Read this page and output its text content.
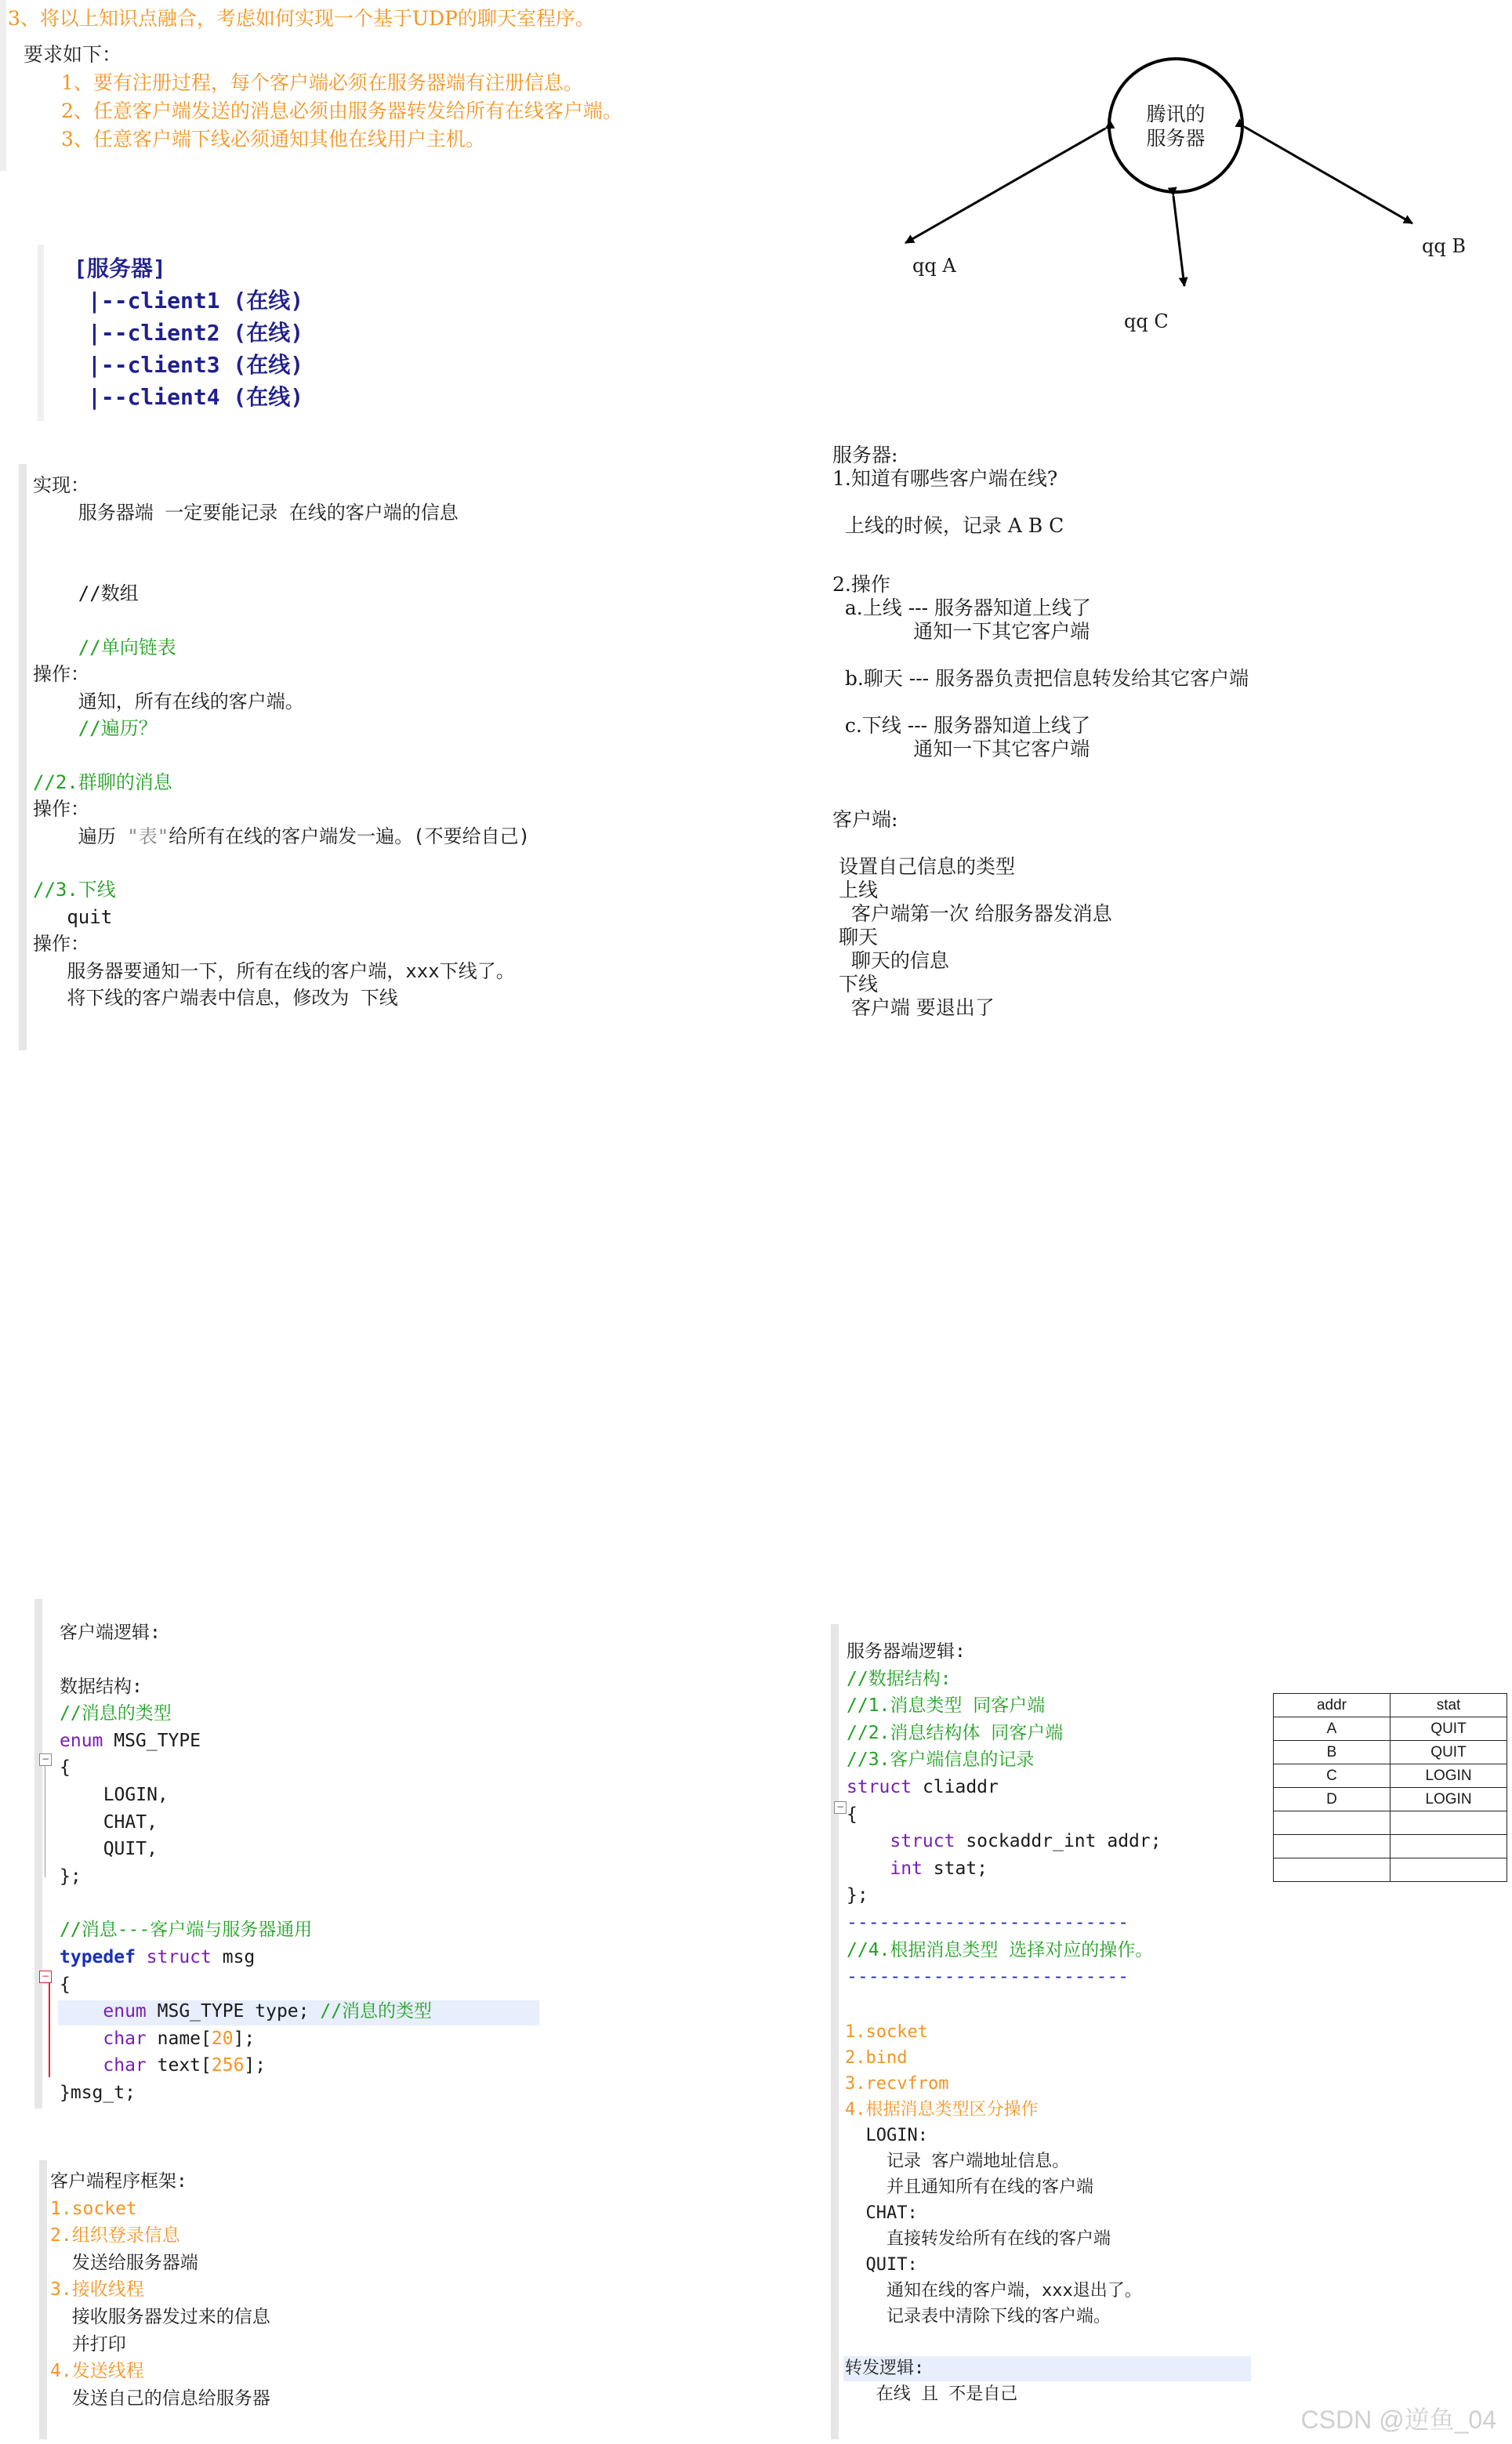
3、将以上知识点融合，考虑如何实现一个基于UDP的聊天室程序。
要求如下：
1、要有注册过程，每个客户端必须在服务器端有注册信息。
2、任意客户端发送的消息必须由服务器转发给所有在线客户端。
3、任意客户端下线必须通知其他在线用户主机。
腾讯的
服务器
qq A
qq B
qq C
[服务器]
|--client1 (在线)
|--client2 (在线)
|--client3 (在线)
|--client4 (在线)
实现：
服务器端 一定要能记录 在线的客户端的信息
//数组
//单向链表
操作：
通知，所有在线的客户端。
//遍历？
//2.群聊的消息
操作：
遍历 "表"给所有在线的客户端发一遍。(不要给自己)
//3.下线
quit
操作：
服务器要通知一下，所有在线的客户端，xxx下线了。
将下线的客户端表中信息，修改为 下线
服务器:
1.知道有哪些客户端在线?
上线的时候，记录 A B C
2.操作
a.上线 --- 服务器知道上线了
通知一下其它客户端
b.聊天 --- 服务器负责把信息转发给其它客户端
c.下线 --- 服务器知道上线了
通知一下其它客户端
客户端:
设置自己信息的类型
上线
客户端第一次 给服务器发消息
聊天
聊天的信息
下线
客户端 要退出了
−
−
客户端逻辑:
数据结构:
//消息的类型
enum MSG_TYPE
{
LOGIN,
CHAT,
QUIT,
};
//消息---客户端与服务器通用
typedef struct msg
{
enum MSG_TYPE type; //消息的类型
char name[20];
char text[256];
}msg_t;
客户端程序框架:
1.socket
2.组织登录信息
发送给服务器端
3.接收线程
接收服务器发过来的信息
并打印
4.发送线程
发送自己的信息给服务器
−
服务器端逻辑:
//数据结构:
//1.消息类型 同客户端
//2.消息结构体 同客户端
//3.客户端信息的记录
struct cliaddr
{
struct sockaddr_int addr;
int stat;
};
--------------------------
//4.根据消息类型 选择对应的操作。
--------------------------
1.socket
2.bind
3.recvfrom
4.根据消息类型区分操作
LOGIN:
记录 客户端地址信息。
并且通知所有在线的客户端
CHAT:
直接转发给所有在线的客户端
QUIT:
通知在线的客户端，xxx退出了。
记录表中清除下线的客户端。
转发逻辑:
在线 且 不是自己
addr	stat
A	QUIT
B	QUIT
C	LOGIN
D	LOGIN

CSDN @逆鱼_04
